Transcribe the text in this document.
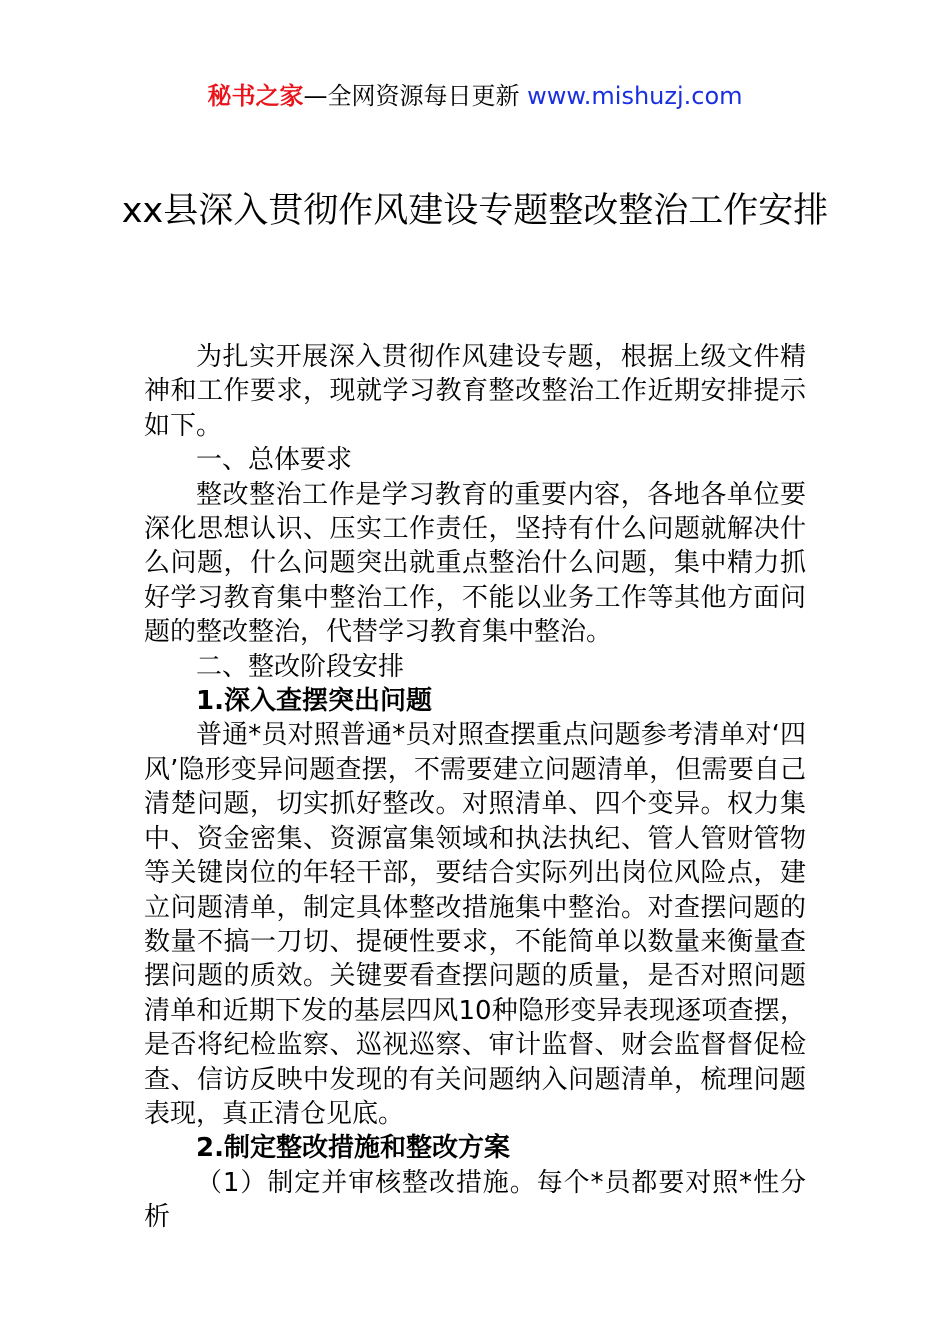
秘书之家—全网资源每日更新 www.mishuzj.com
xx县深入贯彻作风建设专题整改整治工作安排

为扎实开展深入贯彻作风建设专题，根据上级文件精神和工作要求，现就学习教育整改整治工作近期安排提示如下。

一、总体要求

整改整治工作是学习教育的重要内容，各地各单位要深化思想认识、压实工作责任，坚持有什么问题就解决什么问题，什么问题突出就重点整治什么问题，集中精力抓好学习教育集中整治工作，不能以业务工作等其他方面问题的整改整治，代替学习教育集中整治。

二、整改阶段安排

1.深入查摆突出问题

普通*员对照普通*员对照查摆重点问题参考清单对‘四风’隐形变异问题查摆，不需要建立问题清单，但需要自己清楚问题，切实抓好整改。对照清单、四个变异。权力集中、资金密集、资源富集领域和执法执纪、管人管财管物等关键岗位的年轻干部，要结合实际列出岗位风险点，建立问题清单，制定具体整改措施集中整治。对查摆问题的数量不搞一刀切、提硬性要求，不能简单以数量来衡量查摆问题的质效。关键要看查摆问题的质量，是否对照问题清单和近期下发的基层四风10种隐形变异表现逐项查摆，是否将纪检监察、巡视巡察、审计监督、财会监督督促检查、信访反映中发现的有关问题纳入问题清单，梳理问题表现，真正清仓见底。

2.制定整改措施和整改方案

（1）制定并审核整改措施。每个*员都要对照*性分析
